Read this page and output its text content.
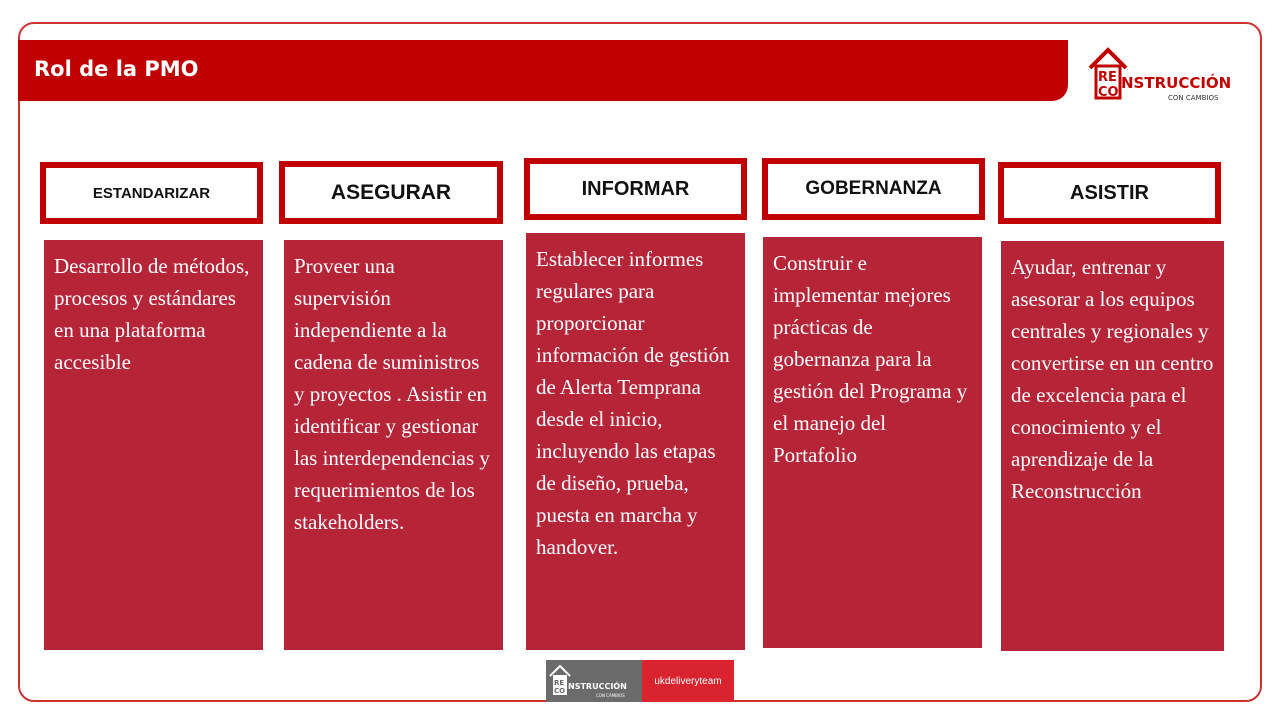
Rol de la PMO	RE
CO
NSTRUCCIÓN
CON CAMBIOS
ESTANDARIZAR
Desarrollo de métodos, procesos y estándares en una plataforma accesible
ASEGURAR
Proveer una supervisión independiente a la cadena de suministros y proyectos . Asistir en identificar y gestionar las interdependencias y requerimientos de los stakeholders.
INFORMAR
Establecer informes regulares para proporcionar información de gestión de Alerta Temprana desde el inicio, incluyendo las etapas de diseño, prueba, puesta en marcha y handover.
GOBERNANZA
Construir e implementar mejores prácticas de gobernanza para la gestión del Programa y el manejo del Portafolio
ASISTIR
Ayudar, entrenar y asesorar a los equipos centrales y regionales y convertirse en un centro de excelencia para el conocimiento y el aprendizaje de la Reconstrucción
RE
CO NSTRUCCIÓN
CON CAMBIOS
ukdeliveryteam
